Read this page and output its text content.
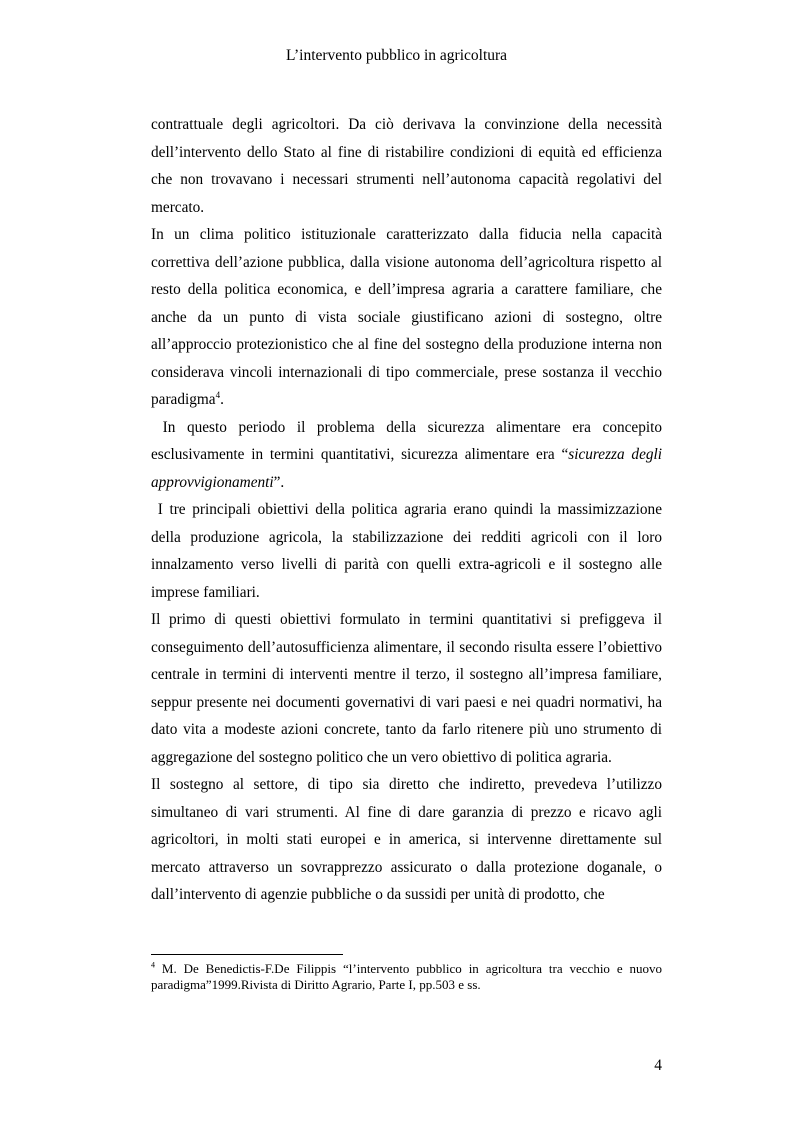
L’intervento pubblico in agricoltura

contrattuale degli agricoltori. Da ciò derivava la convinzione della necessità dell’intervento dello Stato al fine di ristabilire condizioni di equità ed efficienza che non trovavano i necessari strumenti nell’autonoma capacità regolativi del mercato.

In un clima politico istituzionale caratterizzato dalla fiducia nella capacità correttiva dell’azione pubblica, dalla visione autonoma dell’agricoltura rispetto al resto della politica economica, e dell’impresa agraria a carattere familiare, che anche da un punto di vista sociale giustificano azioni di sostegno, oltre all’approccio protezionistico che al fine del sostegno della produzione interna non considerava vincoli internazionali di tipo commerciale, prese sostanza il vecchio paradigma$^4$.

In questo periodo il problema della sicurezza alimentare era concepito esclusivamente in termini quantitativi, sicurezza alimentare era “sicurezza degli approvvigionamenti”.

I tre principali obiettivi della politica agraria erano quindi la massimizzazione della produzione agricola, la stabilizzazione dei redditi agricoli con il loro innalzamento verso livelli di parità con quelli extra-agricoli e il sostegno alle imprese familiari.

Il primo di questi obiettivi formulato in termini quantitativi si prefiggeva il conseguimento dell’autosufficienza alimentare, il secondo risulta essere l’obiettivo centrale in termini di interventi mentre il terzo, il sostegno all’impresa familiare, seppur presente nei documenti governativi di vari paesi e nei quadri normativi, ha dato vita a modeste azioni concrete, tanto da farlo ritenere più uno strumento di aggregazione del sostegno politico che un vero obiettivo di politica agraria.

Il sostegno al settore, di tipo sia diretto che indiretto, prevedeva l’utilizzo simultaneo di vari strumenti. Al fine di dare garanzia di prezzo e ricavo agli agricoltori, in molti stati europei e in america, si intervenne direttamente sul mercato attraverso un sovrapprezzo assicurato o dalla protezione doganale, o dall’intervento di agenzie pubbliche o da sussidi per unità di prodotto, che

$^4$ M. De Benedictis-F.De Filippis “l’intervento pubblico in agricoltura tra vecchio e nuovo paradigma”1999.Rivista di Diritto Agrario, Parte I, pp.503 e ss.
4
